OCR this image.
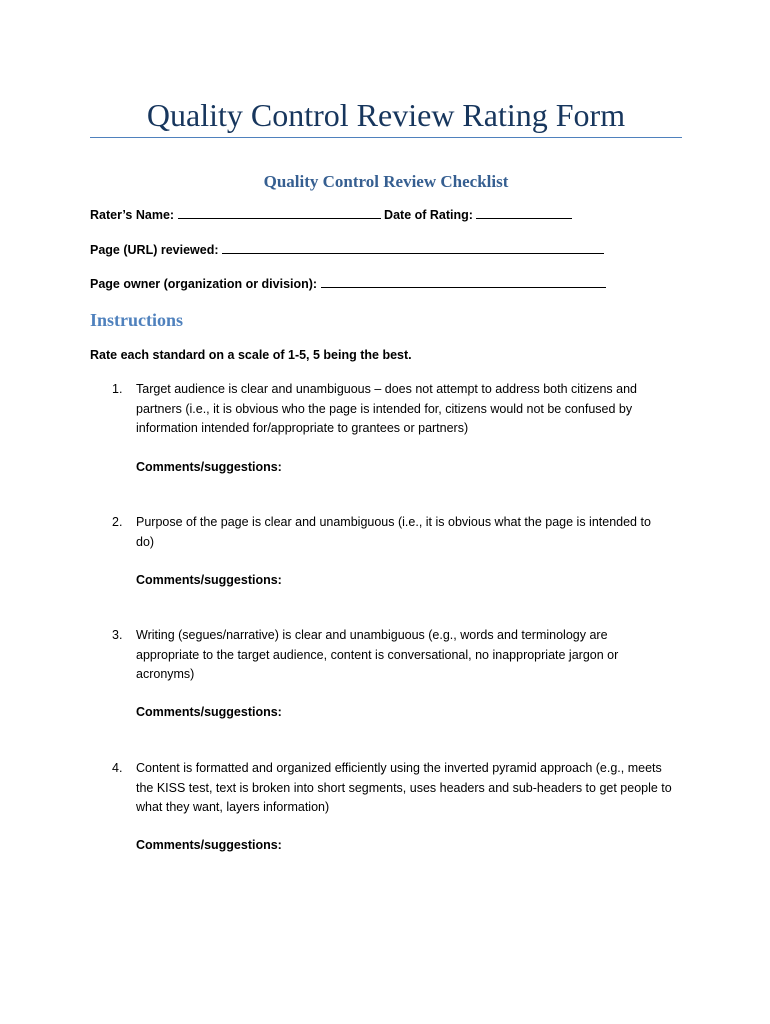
Quality Control Review Rating Form
Quality Control Review Checklist
Rater’s Name:	Date of Rating:
Page (URL) reviewed:
Page owner (organization or division):
Instructions
Rate each standard on a scale of 1-5, 5 being the best.
1. Target audience is clear and unambiguous – does not attempt to address both citizens and partners (i.e., it is obvious who the page is intended for, citizens would not be confused by information intended for/appropriate to grantees or partners)
Comments/suggestions:
2. Purpose of the page is clear and unambiguous (i.e., it is obvious what the page is intended to do)
Comments/suggestions:
3. Writing (segues/narrative) is clear and unambiguous (e.g., words and terminology are appropriate to the target audience, content is conversational, no inappropriate jargon or acronyms)
Comments/suggestions:
4. Content is formatted and organized efficiently using the inverted pyramid approach (e.g., meets the KISS test, text is broken into short segments, uses headers and sub-headers to get people to what they want, layers information)
Comments/suggestions:
